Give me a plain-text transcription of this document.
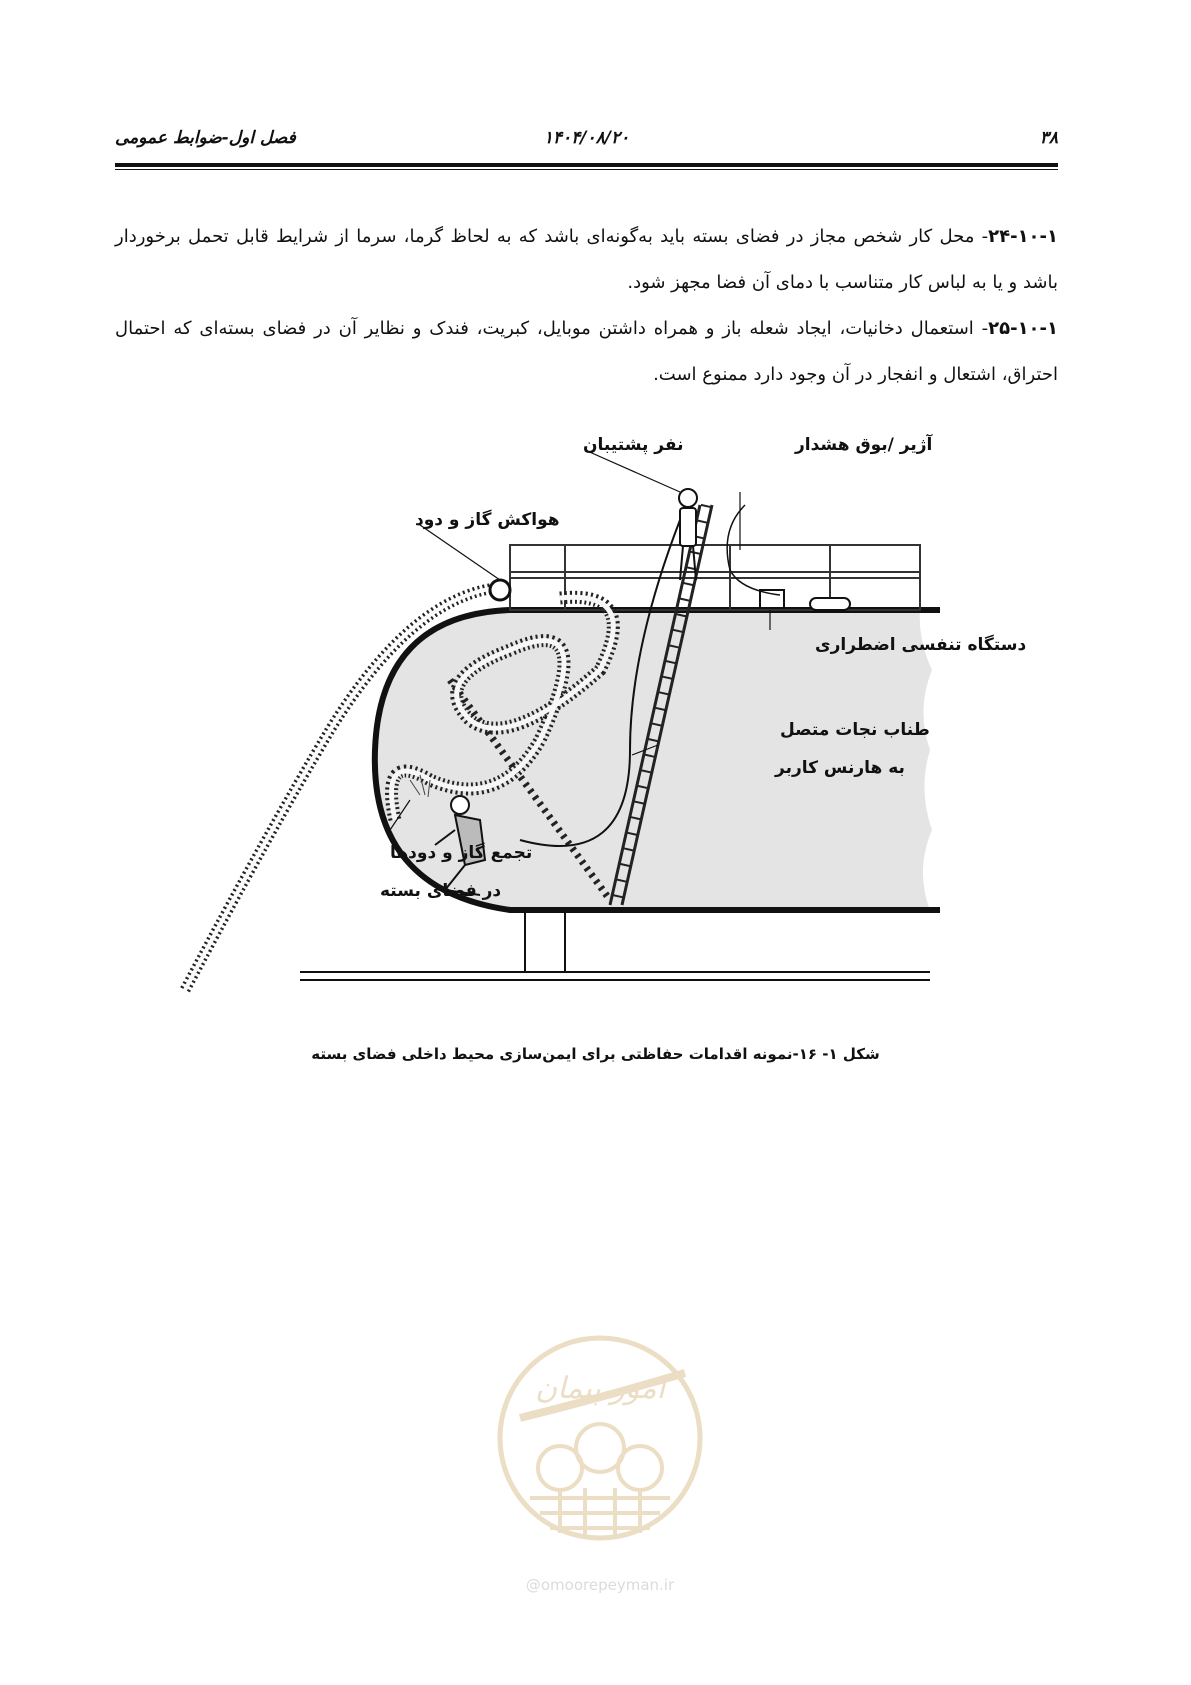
فصل اول-ضوابط عمومی	۱۴۰۴/۰۸/۲۰	۳۸

۲۴-۱۰-۱- محل کار شخص مجاز در فضای بسته باید به‌گونه‌ای باشد که به لحاظ گرما، سرما از شرایط قابل تحمل برخوردار باشد و یا به لباس کار متناسب با دمای آن فضا مجهز شود.

۲۵-۱۰-۱- استعمال دخانیات، ایجاد شعله باز و همراه داشتن موبایل، کبریت، فندک و نظایر آن در فضای بسته‌ای که احتمال احتراق، اشتعال و انفجار در آن وجود دارد ممنوع است.

نفر پشتیبان	آژیر /بوق هشدار
هواکش گاز و دود
دستگاه تنفسی اضطراری
طناب نجات متصل
به هارنس کاربر
تجمع گاز و دودها
در فضای بسته
شکل ۱- ۱۶-نمونه اقدامات حفاظتی برای ایمن‌سازی محیط داخلی فضای بسته
امور پیمان
@omoorepeyman.ir
